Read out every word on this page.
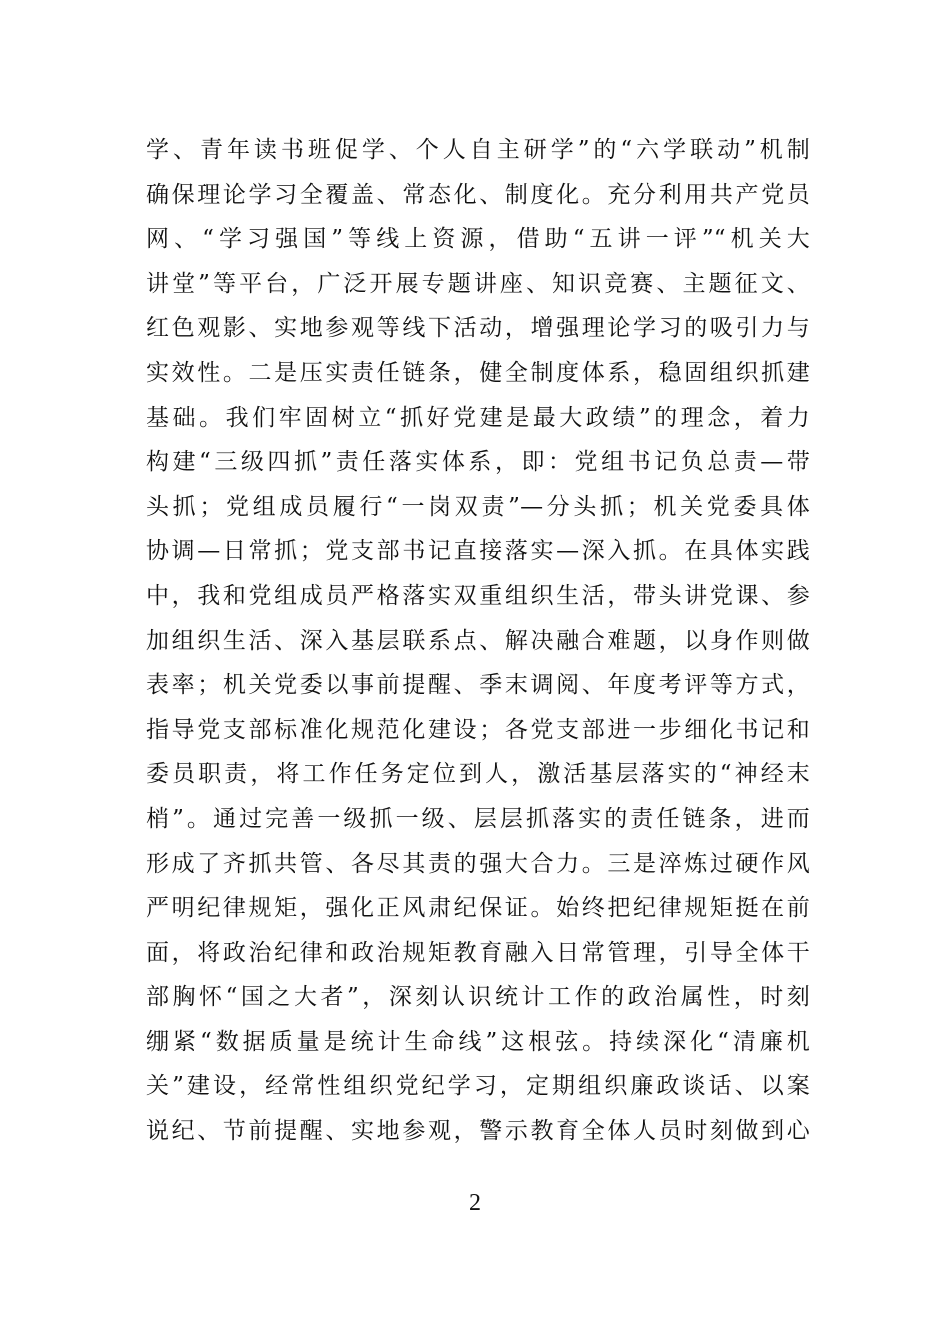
学、青年读书班促学、个人自主研学”的“六学联动”机制
确保理论学习全覆盖、常态化、制度化。充分利用共产党员
网、“学习强国”等线上资源，借助“五讲一评”“机关大
讲堂”等平台，广泛开展专题讲座、知识竞赛、主题征文、
红色观影、实地参观等线下活动，增强理论学习的吸引力与
实效性。二是压实责任链条，健全制度体系，稳固组织抓建
基础。我们牢固树立“抓好党建是最大政绩”的理念，着力
构建“三级四抓”责任落实体系，即：党组书记负总责—带
头抓；党组成员履行“一岗双责”—分头抓；机关党委具体
协调—日常抓；党支部书记直接落实—深入抓。在具体实践
中，我和党组成员严格落实双重组织生活，带头讲党课、参
加组织生活、深入基层联系点、解决融合难题，以身作则做
表率；机关党委以事前提醒、季末调阅、年度考评等方式，
指导党支部标准化规范化建设；各党支部进一步细化书记和
委员职责，将工作任务定位到人，激活基层落实的“神经末
梢”。通过完善一级抓一级、层层抓落实的责任链条，进而
形成了齐抓共管、各尽其责的强大合力。三是淬炼过硬作风
严明纪律规矩，强化正风肃纪保证。始终把纪律规矩挺在前
面，将政治纪律和政治规矩教育融入日常管理，引导全体干
部胸怀“国之大者”，深刻认识统计工作的政治属性，时刻
绷紧“数据质量是统计生命线”这根弦。持续深化“清廉机
关”建设，经常性组织党纪学习，定期组织廉政谈话、以案
说纪、节前提醒、实地参观，警示教育全体人员时刻做到心
2
